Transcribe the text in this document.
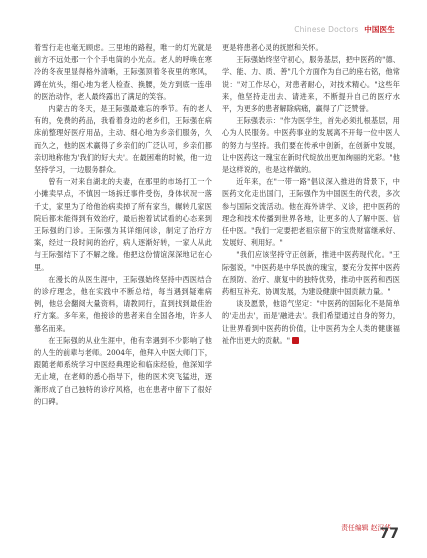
Chinese Doctors 中国医生

着雪行走也毫无顾虑。三里地的路程，唯一的灯光就是前方不远处那一个个手电筒的小光点。老人的呼唤在寒冷的冬夜里显得格外清晰，王际强顶着冬夜里的寒风，蹲在炕头，细心地为老人检查、换腰，处方到底一连串的医治动作，老人最终露出了满足的笑容。

内蒙古的冬天，是王际强最难忘的季节。有的老人有的，免费的药品，我看着身边的老乡们，王际强在病床前整理好医疗用品，主动、细心地为乡亲们服务，久而久之，他的医术赢得了乡亲们的广泛认可，乡亲们都亲切地称他为'我们的好大夫'。在最困难的时候，他一边坚持学习，一边服务群众。

曾有一对来自湖北的夫妻，在那里的市场打工一个小摊卖早点，不慎因一场拆迁事件受伤，身体状况一落千丈，家里为了给他治病卖掉了所有家当，辗转几家医院后都未能得到有效治疗，最后抱着试试看的心态来到王际强的门诊。王际强为其详细问诊，制定了治疗方案，经过一段时间的治疗，病人逐渐好转，一家人从此与王际强结下了不解之缘。他把这份情谊深深地记在心里。

在漫长的从医生涯中，王际强始终坚持中西医结合的诊疗理念，他在实践中不断总结，每当遇到疑难病例，他总会翻阅大量资料，请教同行，直到找到最佳治疗方案。多年来，他接诊的患者来自全国各地，许多人慕名而来。

在王际强的从业生涯中，他有幸遇到不少影响了他的人生的前辈与老师。2004年，他拜入中医大师门下，跟随老师系统学习中医经典理论和临床经验，他深知学无止境，在老师的悉心指导下，他的医术突飞猛进，逐渐形成了自己独特的诊疗风格，也在患者中留下了很好的口碑。

更是将患者心灵的抚慰和关怀。

王际强始终坚守初心，服务基层，把中医药的"德、学、能、力、质、善"几个方面作为自己的座右铭，他常说："对工作尽心，对患者耐心，对技术精心。"这些年来，他坚持走出去、请进来，不断提升自己的医疗水平，为更多的患者解除病痛，赢得了广泛赞誉。

王际强表示："作为医学生，首先必须扎根基层，用心为人民服务。中医药事业的发展离不开每一位中医人的努力与坚持。我们要在传承中创新，在创新中发展，让中医药这一瑰宝在新时代绽放出更加绚丽的光彩。"他是这样说的，也是这样做的。

近年来，在"一带一路"倡议深入推进的背景下，中医药文化走出国门，王际强作为中国医生的代表，多次参与国际交流活动。他在海外讲学、义诊，把中医药的理念和技术传播到世界各地，让更多的人了解中医、信任中医。"我们一定要把老祖宗留下的宝贵财富继承好、发展好、利用好。"

"我们应该坚持守正创新，推进中医药现代化。"王际强说，"中医药是中华民族的瑰宝，要充分发挥中医药在预防、治疗、康复中的独特优势，推动中医药和西医药相互补充、协调发展，为建设健康中国贡献力量。"

谈及愿景，他语气坚定："中医药的国际化不是简单的'走出去'，而是'融进去'。我们希望通过自身的努力，让世界看到中医药的价值，让中医药为全人类的健康福祉作出更大的贡献。"	中

责任编辑 赵汉华
77
